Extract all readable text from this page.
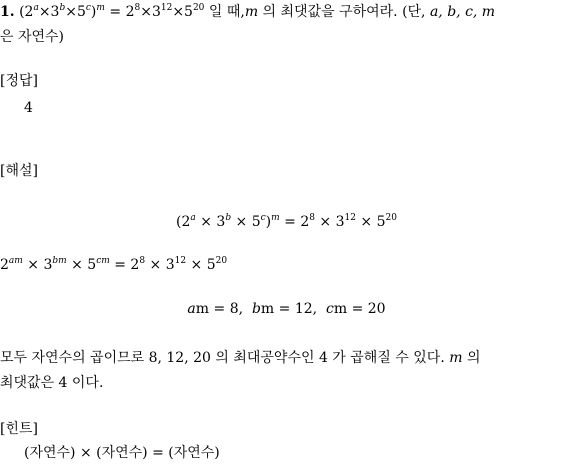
1. $(2^a\times 3^b\times 5^c)^m = 2^8\times 3^{12}\times 5^{20}$ 일 때,m 의 최댓값을 구하여라. (단, a, b, c, m
은 자연수)
[정답]
4
[해설]
$(2^a \times 3^b \times 5^c)^m = 2^8 \times 3^{12} \times 5^{20}$
$2^{am} \times 3^{bm} \times 5^{cm} = 2^8 \times 3^{12} \times 5^{20}$
am = 8,  bm = 12,  cm = 20
모두 자연수의 곱이므로 8, 12, 20 의 최대공약수인 4 가 곱해질 수 있다. m 의
최댓값은 4 이다.
[힌트]
(자연수) × (자연수) = (자연수)
